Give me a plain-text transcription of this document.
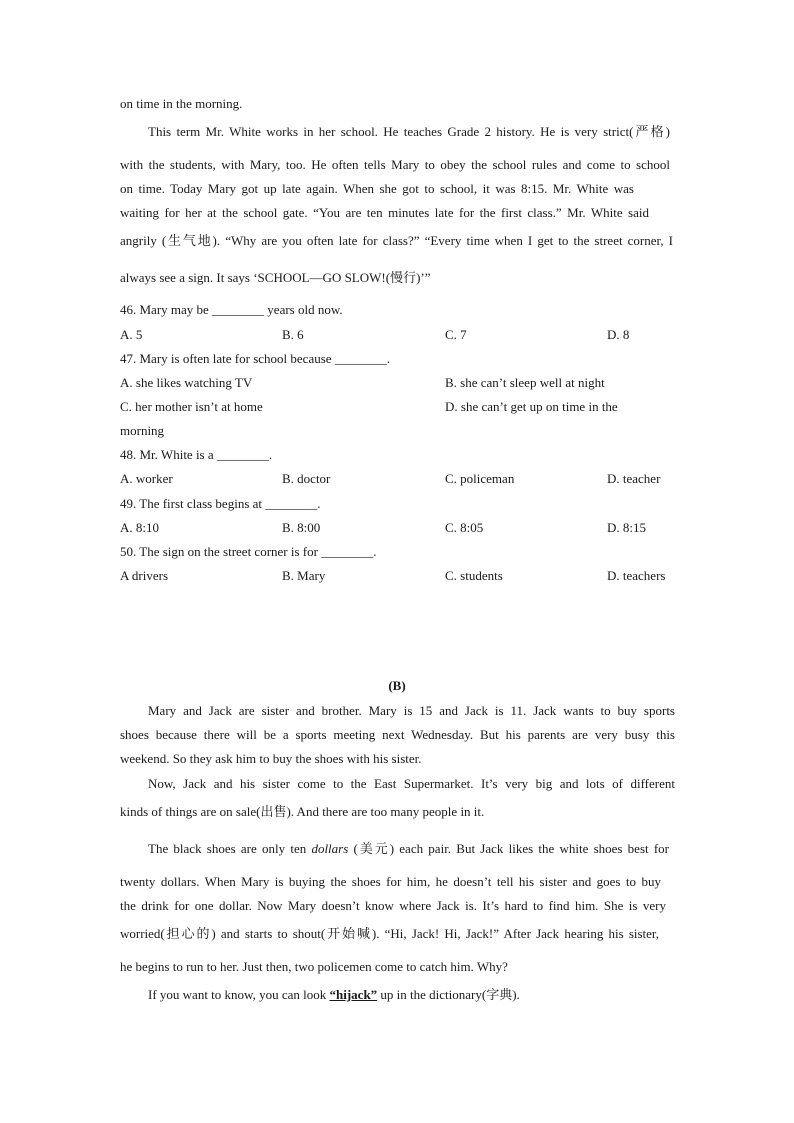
on time in the morning.
This term Mr. White works in her school. He teaches Grade 2 history. He is very strict(严格)
with the students, with Mary, too. He often tells Mary to obey the school rules and come to school
on time. Today Mary got up late again. When she got to school, it was 8:15. Mr. White was
waiting for her at the school gate. “You are ten minutes late for the first class.” Mr. White said
angrily (生气地). “Why are you often late for class?” “Every time when I get to the street corner, I
always see a sign. It says ‘SCHOOL—GO SLOW!(慢行)’”
46. Mary may be ________ years old now.
A. 5	B. 6	C. 7	D. 8
47. Mary is often late for school because ________.
A. she likes watching TV	B. she can’t sleep well at night
C. her mother isn’t at home	D. she can’t get up on time in the
morning
48. Mr. White is a ________.
A. worker	B. doctor	C. policeman	D. teacher
49. The first class begins at ________.
A. 8:10	B. 8:00	C. 8:05	D. 8:15
50. The sign on the street corner is for ________.
A drivers	B. Mary	C. students	D. teachers
(B)
Mary and Jack are sister and brother. Mary is 15 and Jack is 11. Jack wants to buy sports
shoes because there will be a sports meeting next Wednesday. But his parents are very busy this
weekend. So they ask him to buy the shoes with his sister.
Now, Jack and his sister come to the East Supermarket. It’s very big and lots of different
kinds of things are on sale(出售). And there are too many people in it.
The black shoes are only ten dollars (美元) each pair. But Jack likes the white shoes best for
twenty dollars. When Mary is buying the shoes for him, he doesn’t tell his sister and goes to buy
the drink for one dollar. Now Mary doesn’t know where Jack is. It’s hard to find him. She is very
worried(担心的) and starts to shout(开始喊). “Hi, Jack! Hi, Jack!” After Jack hearing his sister,
he begins to run to her. Just then, two policemen come to catch him. Why?
If you want to know, you can look “hijack” up in the dictionary(字典).
